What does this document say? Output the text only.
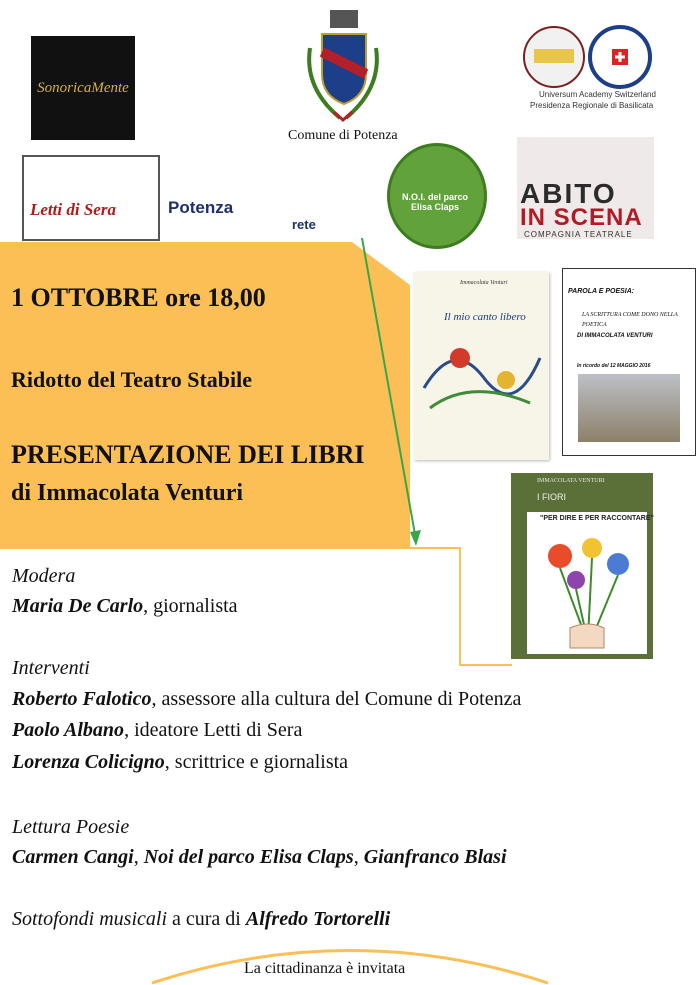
SonoricaMente
Comune di Potenza
Universum Academy Switzerland
Presidenza Regionale di Basilicata
Letti di Sera	Potenza
rete
N.O.I. del parco Elisa Claps	ABITO
IN SCENA
COMPAGNIA TEATRALE
1 OTTOBRE ore 18,00
Ridotto del Teatro Stabile
PRESENTAZIONE DEI LIBRI
di Immacolata Venturi
Immacolata Venturi
Il mio canto libero
PAROLA E POESIA:
LA SCRITTURA COME DONO NELLA POETICA
DI IMMACOLATA VENTURI
In ricordo del 12 MAGGIO 2016
IMMACOLATA VENTURI
I FIORI
"PER DIRE E PER RACCONTARE"
Modera
Maria De Carlo, giornalista
Interventi
Roberto Falotico, assessore alla cultura del Comune di Potenza
Paolo Albano, ideatore Letti di Sera
Lorenza Colicigno, scrittrice e giornalista
Lettura Poesie
Carmen Cangi, Noi del parco Elisa Claps, Gianfranco Blasi
Sottofondi musicali a cura di Alfredo Tortorelli
La cittadinanza è invitata
